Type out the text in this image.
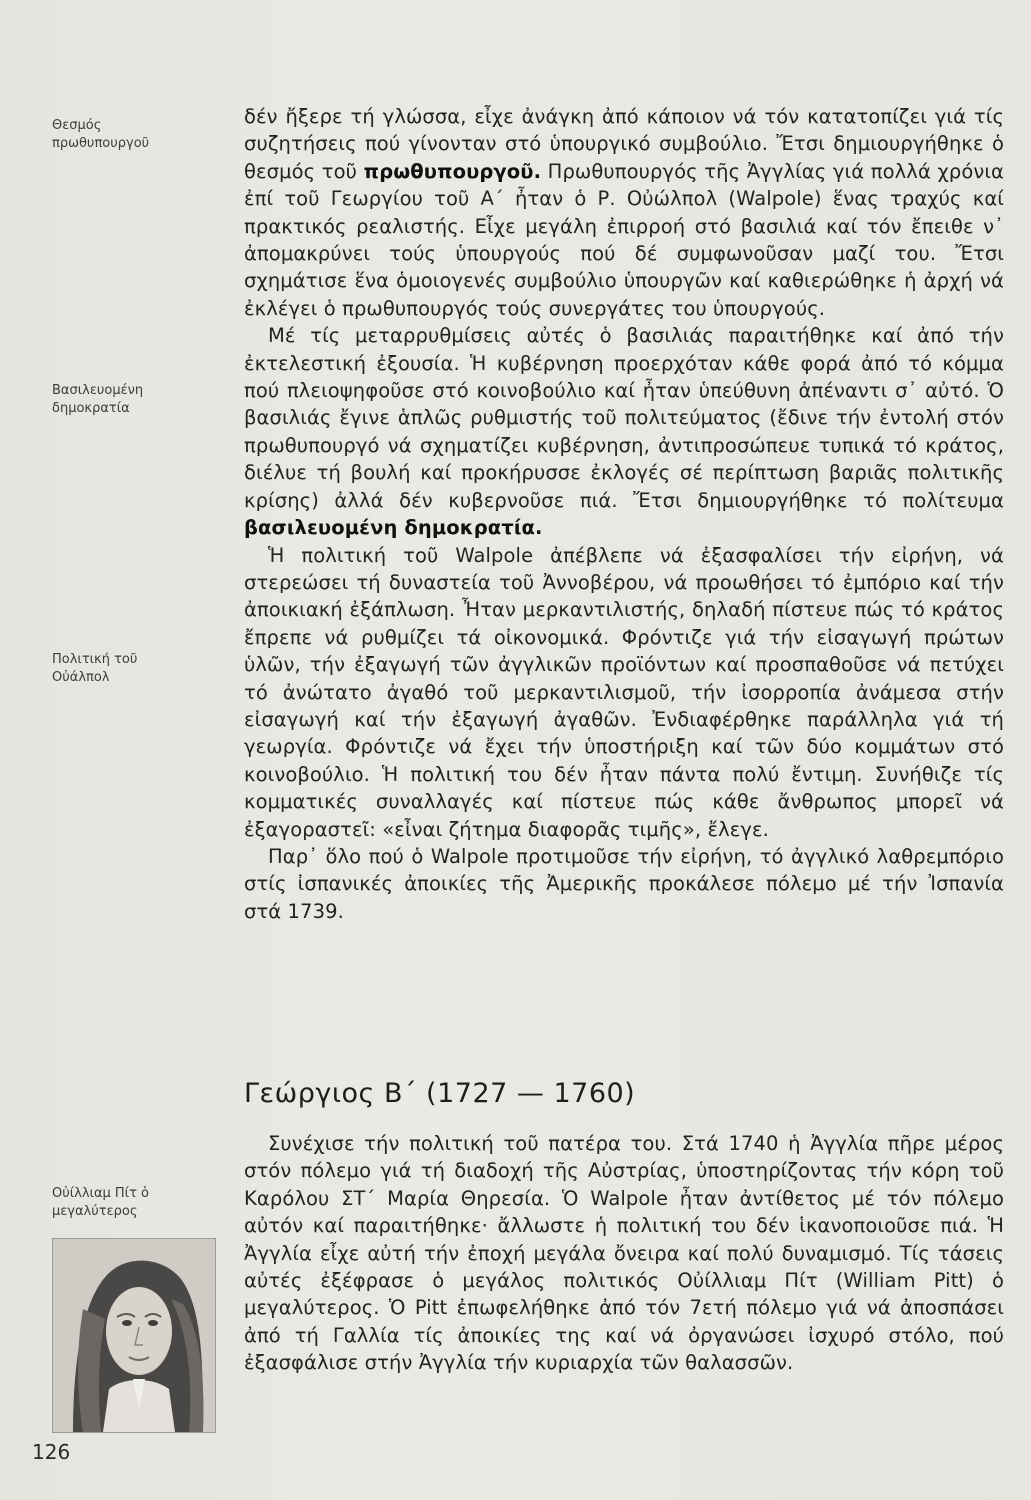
Θεσμός
πρωθυπουργοῦ
Βασιλευομένη
δημοκρατία
Πολιτική τοῦ
Οὐάλπολ
Οὐίλλιαμ Πίτ ὁ
μεγαλύτερος

δέν ἤξερε τή γλώσσα, εἶχε ἀνάγκη ἀπό κάποιον νά τόν κατατοπίζει γιά τίς συζητήσεις πού γίνονταν στό ὑπουργικό συμβούλιο. Ἔτσι δημιουργήθηκε ὁ θεσμός τοῦ πρωθυπουργοῦ. Πρωθυπουργός τῆς Ἀγγλίας γιά πολλά χρόνια ἐπί τοῦ Γεωργίου τοῦ Α΄ ἦταν ὁ Ρ. Οὐώλπολ (Walpole) ἕνας τραχύς καί πρακτικός ρεαλιστής. Εἶχε μεγάλη ἐπιρροή στό βασιλιά καί τόν ἔπειθε ν᾿ ἀπομακρύνει τούς ὑπουργούς πού δέ συμφωνοῦσαν μαζί του. Ἔτσι σχημάτισε ἕνα ὁμοιογενές συμβούλιο ὑπουργῶν καί καθιερώθηκε ἡ ἀρχή νά ἐκλέγει ὁ πρωθυπουργός τούς συνεργάτες του ὑπουργούς.

Μέ τίς μεταρρυθμίσεις αὐτές ὁ βασιλιάς παραιτήθηκε καί ἀπό τήν ἐκτελεστική ἐξουσία. Ἡ κυβέρνηση προερχόταν κάθε φορά ἀπό τό κόμμα πού πλειοψηφοῦσε στό κοινοβούλιο καί ἦταν ὑπεύθυνη ἀπέναντι σ᾿ αὐτό. Ὁ βασιλιάς ἔγινε ἁπλῶς ρυθμιστής τοῦ πολιτεύματος (ἔδινε τήν ἐντολή στόν πρωθυπουργό νά σχηματίζει κυβέρνηση, ἀντιπροσώπευε τυπικά τό κράτος, διέλυε τή βουλή καί προκήρυσσε ἐκλογές σέ περίπτωση βαριᾶς πολιτικῆς κρίσης) ἀλλά δέν κυβερνοῦσε πιά. Ἔτσι δημιουργήθηκε τό πολίτευμα βασιλευομένη δημοκρατία.

Ἡ πολιτική τοῦ Walpole ἀπέβλεπε νά ἐξασφαλίσει τήν εἰρήνη, νά στερεώσει τή δυναστεία τοῦ Ἀννοβέρου, νά προωθήσει τό ἐμπόριο καί τήν ἀποικιακή ἐξάπλωση. Ἦταν μερκαντιλιστής, δηλαδή πίστευε πώς τό κράτος ἔπρεπε νά ρυθμίζει τά οἰκονομικά. Φρόντιζε γιά τήν εἰσαγωγή πρώτων ὑλῶν, τήν ἐξαγωγή τῶν ἀγγλικῶν προϊόντων καί προσπαθοῦσε νά πετύχει τό ἀνώτατο ἀγαθό τοῦ μερκαντιλισμοῦ, τήν ἰσορροπία ἀνάμεσα στήν εἰσαγωγή καί τήν ἐξαγωγή ἀγαθῶν. Ἐνδιαφέρθηκε παράλληλα γιά τή γεωργία. Φρόντιζε νά ἔχει τήν ὑποστήριξη καί τῶν δύο κομμάτων στό κοινοβούλιο. Ἡ πολιτική του δέν ἦταν πάντα πολύ ἔντιμη. Συνήθιζε τίς κομματικές συναλλαγές καί πίστευε πώς κάθε ἄνθρωπος μπορεῖ νά ἐξαγοραστεῖ: «εἶναι ζήτημα διαφορᾶς τιμῆς», ἔλεγε.

Παρ᾿ ὅλο πού ὁ Walpole προτιμοῦσε τήν εἰρήνη, τό ἀγγλικό λαθρεμπόριο στίς ἰσπανικές ἀποικίες τῆς Ἀμερικῆς προκάλεσε πόλεμο μέ τήν Ἰσπανία στά 1739.

Γεώργιος Β΄ (1727 — 1760)

Συνέχισε τήν πολιτική τοῦ πατέρα του. Στά 1740 ἡ Ἀγγλία πῆρε μέρος στόν πόλεμο γιά τή διαδοχή τῆς Αὐστρίας, ὑποστηρίζοντας τήν κόρη τοῦ Καρόλου ΣΤ΄ Μαρία Θηρεσία. Ὁ Walpole ἦταν ἀντίθετος μέ τόν πόλεμο αὐτόν καί παραιτήθηκε· ἄλλωστε ἡ πολιτική του δέν ἱκανοποιοῦσε πιά. Ἡ Ἀγγλία εἶχε αὐτή τήν ἐποχή μεγάλα ὄνειρα καί πολύ δυναμισμό. Τίς τάσεις αὐτές ἐξέφρασε ὁ μεγάλος πολιτικός Οὐίλλιαμ Πίτ (William Pitt) ὁ μεγαλύτερος. Ὁ Pitt ἐπωφελήθηκε ἀπό τόν 7ετή πόλεμο γιά νά ἀποσπάσει ἀπό τή Γαλλία τίς ἀποικίες της καί νά ὀργανώσει ἰσχυρό στόλο, πού ἐξασφάλισε στήν Ἀγγλία τήν κυριαρχία τῶν θαλασσῶν.

126
